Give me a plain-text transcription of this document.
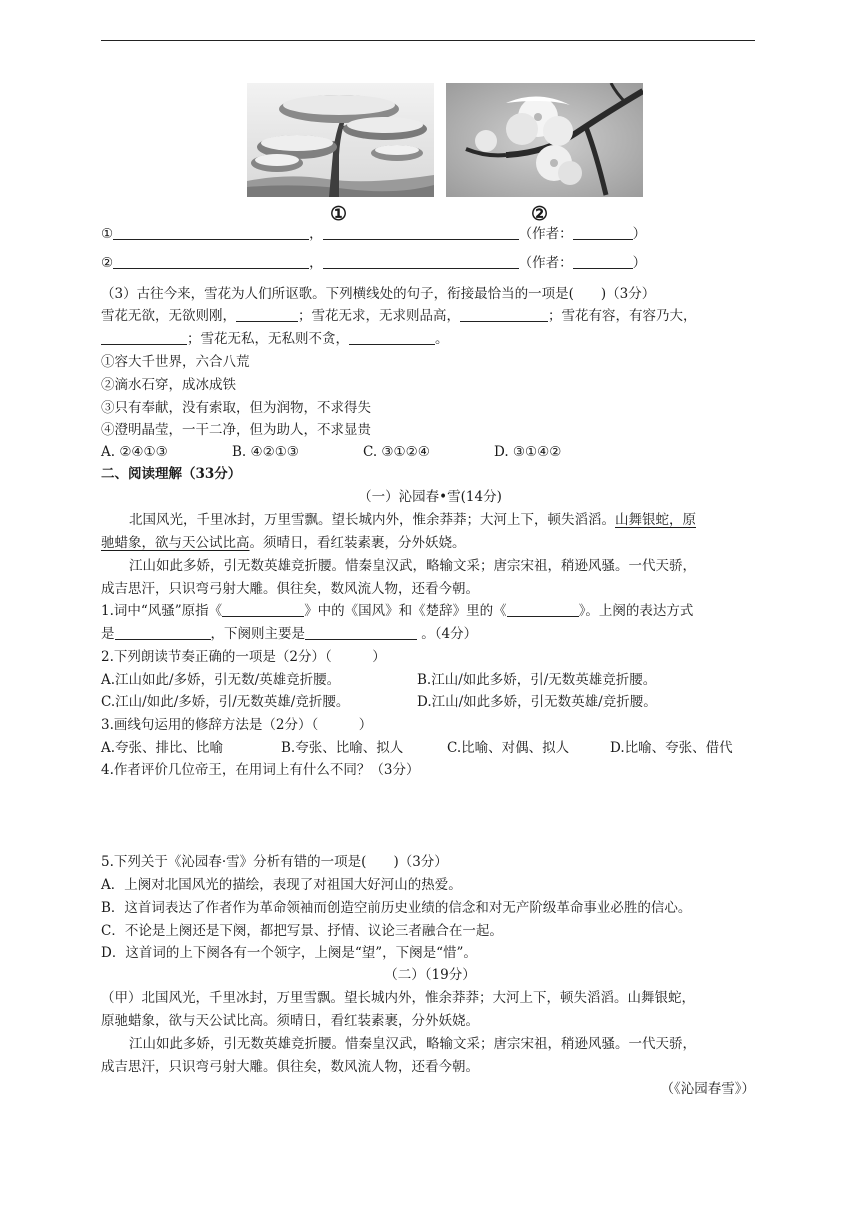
①	②
①	，	（作者：	）
②	，	（作者：	）
（3）古往今来，雪花为人们所讴歌。下列横线处的句子，衔接最恰当的一项是(　　)（3分）
雪花无欲，无欲则刚，	；雪花无求，无求则品高，	；雪花有容，有容乃大，
；雪花无私，无私则不贪，	。
①容大千世界，六合八荒
②滴水石穿，成冰成铁
③只有奉献，没有索取，但为润物，不求得失
④澄明晶莹，一干二净，但为助人，不求显贵
A. ②④①③	B. ④②①③	C. ③①②④	D. ③①④②
二、阅读理解（33分）
（一）沁园春•雪(14分)
北国风光，千里冰封，万里雪飘。望长城内外，惟余莽莽；大河上下，顿失滔滔。山舞银蛇，原
驰蜡象，欲与天公试比高。须晴日，看红装素裹，分外妖娆。
江山如此多娇，引无数英雄竞折腰。惜秦皇汉武，略输文采；唐宗宋祖，稍逊风骚。一代天骄，
成吉思汗，只识弯弓射大雕。俱往矣，数风流人物，还看今朝。
1.词中“风骚”原指《	》中的《国风》和《楚辞》里的《	》。上阕的表达方式
是	，下阕则主要是	。（4分）
2.下列朗读节奏正确的一项是（2分）（　　　）
A.江山如此/多娇，引无数/英雄竞折腰。	B.江山/如此多娇，引/无数英雄竞折腰。
C.江山/如此/多娇，引/无数英雄/竞折腰。	D.江山/如此多娇，引无数英雄/竞折腰。
3.画线句运用的修辞方法是（2分）（　　　）
A.夸张、排比、比喻	B.夸张、比喻、拟人	C.比喻、对偶、拟人	D.比喻、夸张、借代
4.作者评价几位帝王，在用词上有什么不同？（3分）
5.下列关于《沁园春·雪》分析有错的一项是(　　)（3分）
A．上阕对北国风光的描绘，表现了对祖国大好河山的热爱。
B．这首词表达了作者作为革命领袖而创造空前历史业绩的信念和对无产阶级革命事业必胜的信心。
C．不论是上阕还是下阕，都把写景、抒情、议论三者融合在一起。
D．这首词的上下阕各有一个领字，上阕是“望”，下阕是“惜”。
（二）（19分）
（甲）北国风光，千里冰封，万里雪飘。望长城内外，惟余莽莽；大河上下，顿失滔滔。山舞银蛇，
原驰蜡象，欲与天公试比高。须晴日，看红装素裹，分外妖娆。
江山如此多娇，引无数英雄竞折腰。惜秦皇汉武，略输文采；唐宗宋祖，稍逊风骚。一代天骄，
成吉思汗，只识弯弓射大雕。俱往矣，数风流人物，还看今朝。
（《沁园春雪》）
